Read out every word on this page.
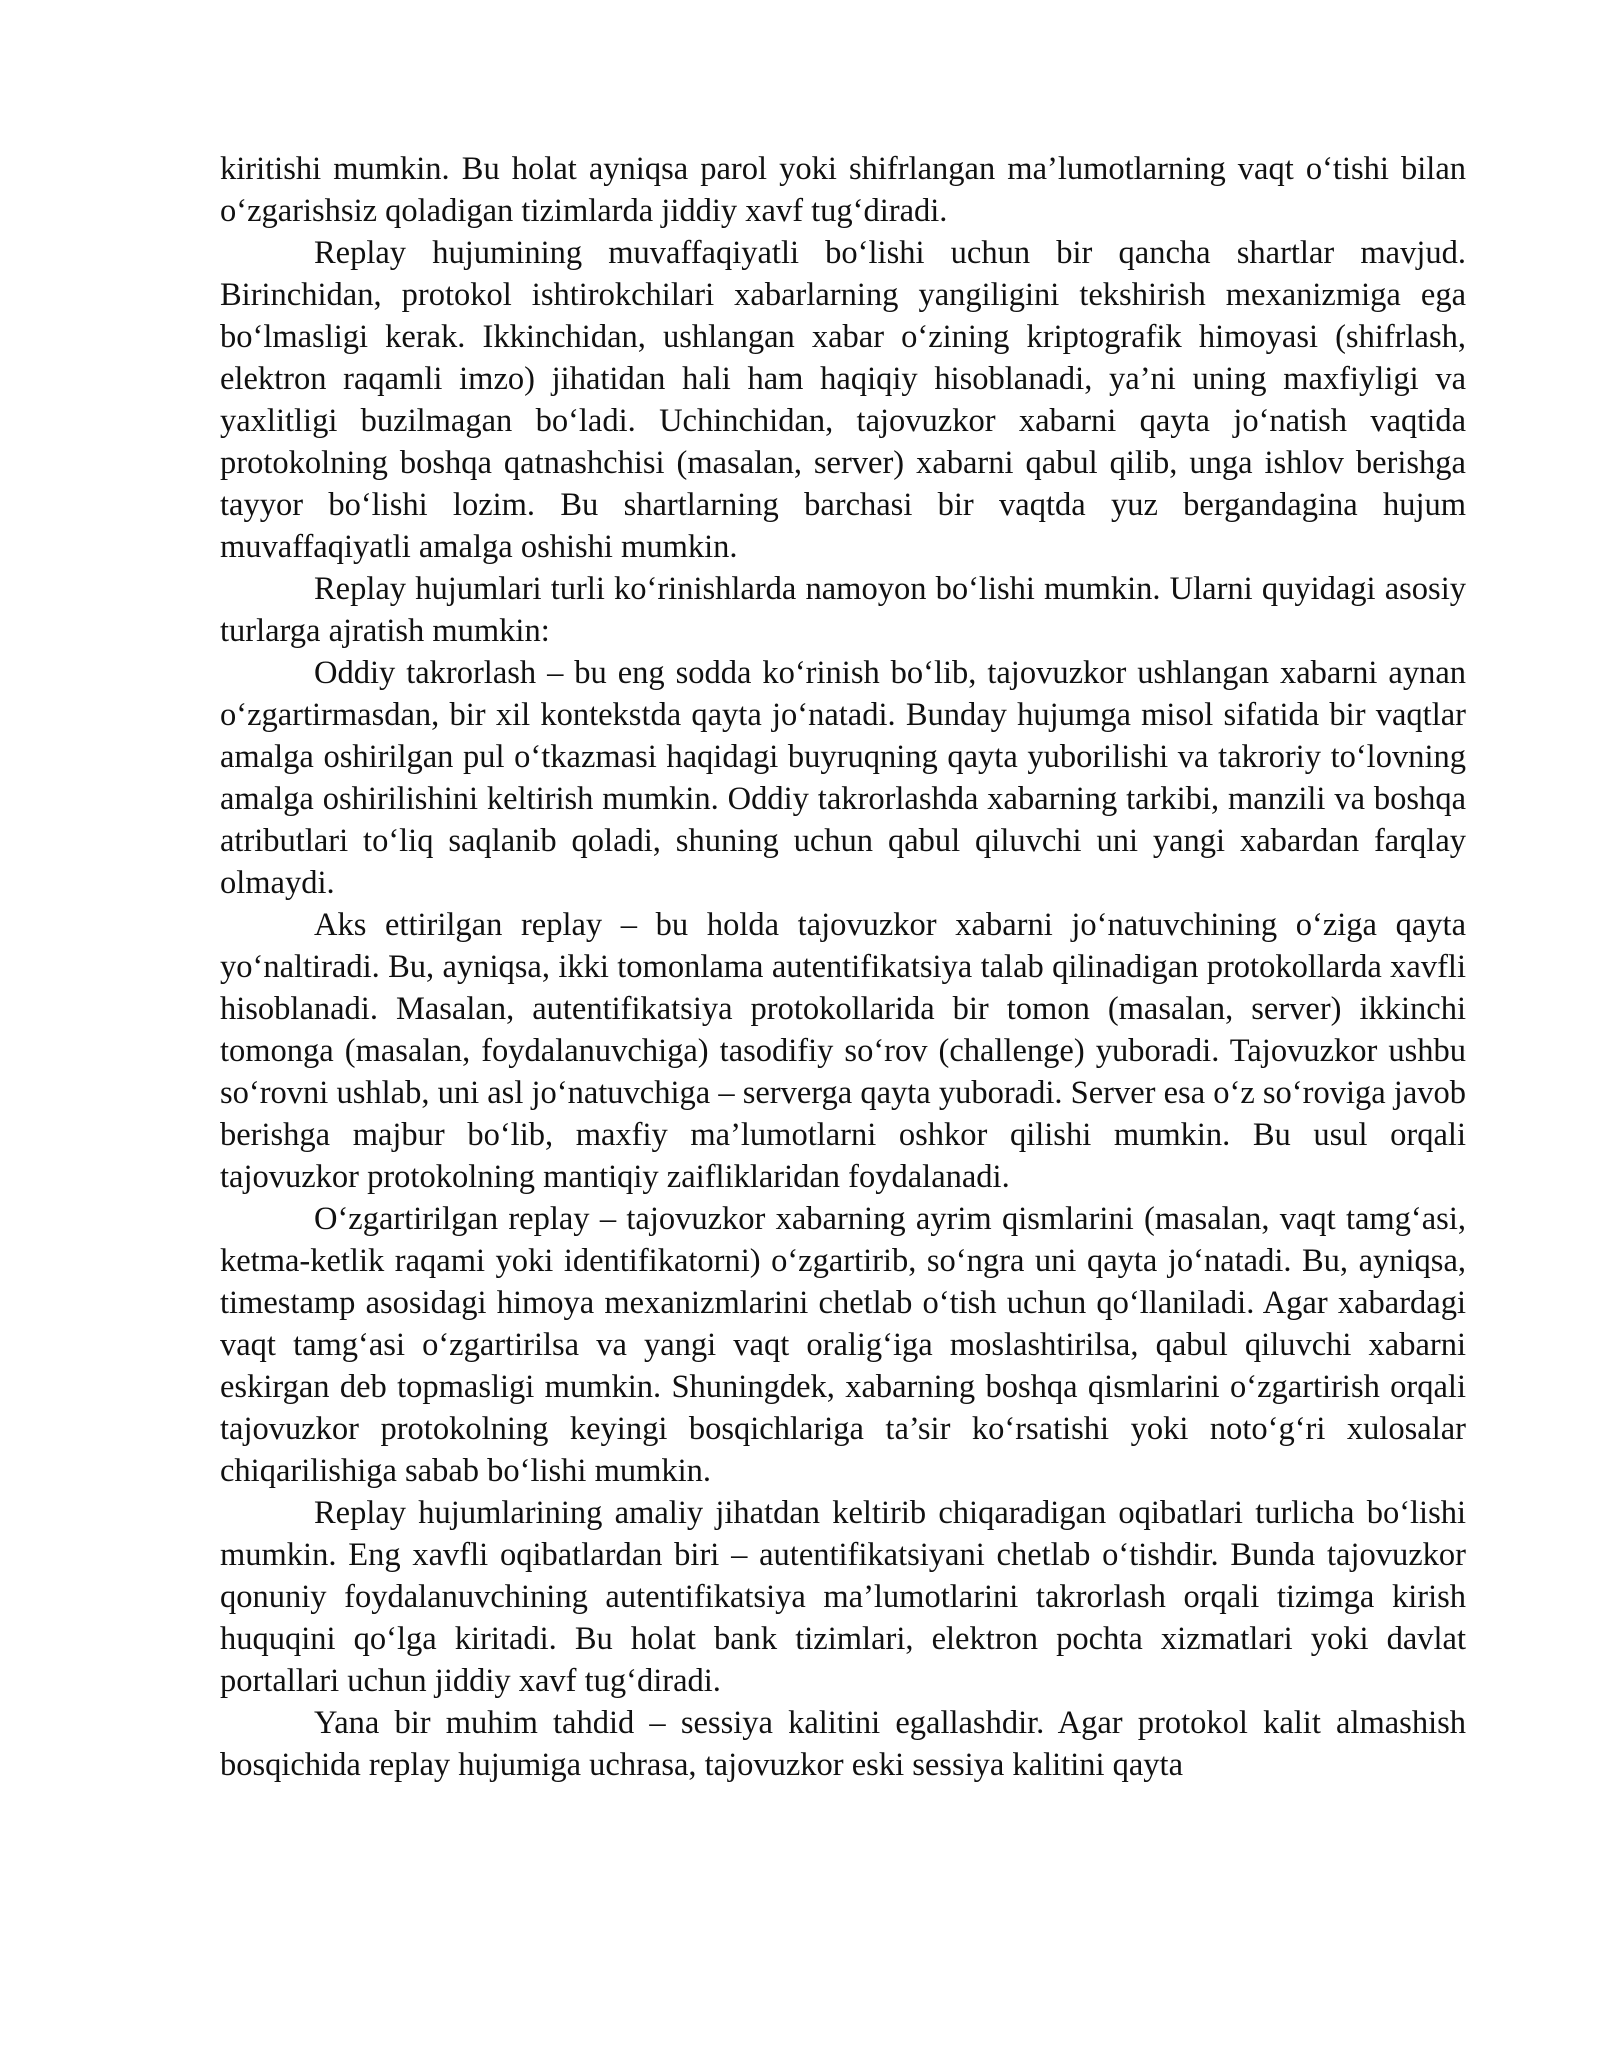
kiritishi mumkin. Bu holat ayniqsa parol yoki shifrlangan ma’lumotlarning vaqt o‘tishi bilan o‘zgarishsiz qoladigan tizimlarda jiddiy xavf tug‘diradi.

Replay hujumining muvaffaqiyatli bo‘lishi uchun bir qancha shartlar mavjud. Birinchidan, protokol ishtirokchilari xabarlarning yangiligini tekshirish mexanizmiga ega bo‘lmasligi kerak. Ikkinchidan, ushlangan xabar o‘zining kriptografik himoyasi (shifrlash, elektron raqamli imzo) jihatidan hali ham haqiqiy hisoblanadi, ya’ni uning maxfiyligi va yaxlitligi buzilmagan bo‘ladi. Uchinchidan, tajovuzkor xabarni qayta jo‘natish vaqtida protokolning boshqa qatnashchisi (masalan, server) xabarni qabul qilib, unga ishlov berishga tayyor bo‘lishi lozim. Bu shartlarning barchasi bir vaqtda yuz bergandagina hujum muvaffaqiyatli amalga oshishi mumkin.

Replay hujumlari turli ko‘rinishlarda namoyon bo‘lishi mumkin. Ularni quyidagi asosiy turlarga ajratish mumkin:

Oddiy takrorlash – bu eng sodda ko‘rinish bo‘lib, tajovuzkor ushlangan xabarni aynan o‘zgartirmasdan, bir xil kontekstda qayta jo‘natadi. Bunday hujumga misol sifatida bir vaqtlar amalga oshirilgan pul o‘tkazmasi haqidagi buyruqning qayta yuborilishi va takroriy to‘lovning amalga oshirilishini keltirish mumkin. Oddiy takrorlashda xabarning tarkibi, manzili va boshqa atributlari to‘liq saqlanib qoladi, shuning uchun qabul qiluvchi uni yangi xabardan farqlay olmaydi.

Aks ettirilgan replay – bu holda tajovuzkor xabarni jo‘natuvchining o‘ziga qayta yo‘naltiradi. Bu, ayniqsa, ikki tomonlama autentifikatsiya talab qilinadigan protokollarda xavfli hisoblanadi. Masalan, autentifikatsiya protokollarida bir tomon (masalan, server) ikkinchi tomonga (masalan, foydalanuvchiga) tasodifiy so‘rov (challenge) yuboradi. Tajovuzkor ushbu so‘rovni ushlab, uni asl jo‘natuvchiga – serverga qayta yuboradi. Server esa o‘z so‘roviga javob berishga majbur bo‘lib, maxfiy ma’lumotlarni oshkor qilishi mumkin. Bu usul orqali tajovuzkor protokolning mantiqiy zaifliklaridan foydalanadi.

O‘zgartirilgan replay – tajovuzkor xabarning ayrim qismlarini (masalan, vaqt tamg‘asi, ketma-ketlik raqami yoki identifikatorni) o‘zgartirib, so‘ngra uni qayta jo‘natadi. Bu, ayniqsa, timestamp asosidagi himoya mexanizmlarini chetlab o‘tish uchun qo‘llaniladi. Agar xabardagi vaqt tamg‘asi o‘zgartirilsa va yangi vaqt oralig‘iga moslashtirilsa, qabul qiluvchi xabarni eskirgan deb topmasligi mumkin. Shuningdek, xabarning boshqa qismlarini o‘zgartirish orqali tajovuzkor protokolning keyingi bosqichlariga ta’sir ko‘rsatishi yoki noto‘g‘ri xulosalar chiqarilishiga sabab bo‘lishi mumkin.

Replay hujumlarining amaliy jihatdan keltirib chiqaradigan oqibatlari turlicha bo‘lishi mumkin. Eng xavfli oqibatlardan biri – autentifikatsiyani chetlab o‘tishdir. Bunda tajovuzkor qonuniy foydalanuvchining autentifikatsiya ma’lumotlarini takrorlash orqali tizimga kirish huquqini qo‘lga kiritadi. Bu holat bank tizimlari, elektron pochta xizmatlari yoki davlat portallari uchun jiddiy xavf tug‘diradi.

Yana bir muhim tahdid – sessiya kalitini egallashdir. Agar protokol kalit almashish bosqichida replay hujumiga uchrasa, tajovuzkor eski sessiya kalitini qayta
